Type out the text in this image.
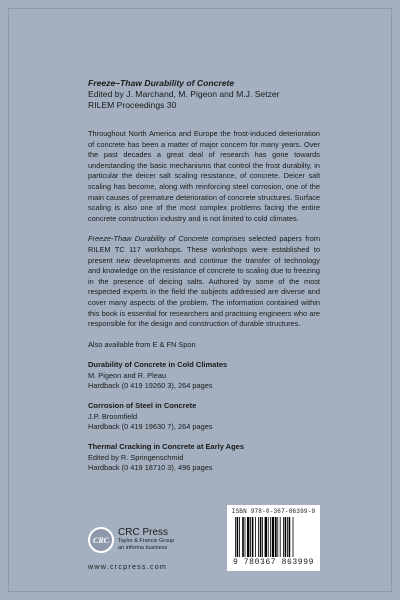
Freeze–Thaw Durability of Concrete

Edited by J. Marchand, M. Pigeon and M.J. Setzer

RILEM Proceedings 30

Throughout North America and Europe the frost-induced deterioration of concrete has been a matter of major concern for many years. Over the past decades a great deal of research has gone towards understanding the basic mechanisms that control the frost durabilty, in particular the deicer salt scaling resistance, of concrete. Deicer salt scaling has become, along with reinforcing steel corrosion, one of the main causes of premature deterioration of concrete structures. Surface scaling is also one of the most complex problems facing the entire concrete construction industry and is not limited to cold climates.

Freeze-Thaw Durability of Concrete comprises selected papers from RILEM TC 117 workshops. These workshops were established to present new developments and continue the transfer of technology and knowledge on the resistance of concrete to scaling due to freezing in the presence of deicing salts. Authored by some of the most respected experts in the field the subjects addressed are diverse and cover many aspects of the problem. The information contained within this book is essential for researchers and practising engineers who are responsible for the design and construction of durable structures.

Also available from E & FN Spon

Durability of Concrete in Cold Climates

M. Pigeon and R. Pleau

Hardback (0 419 19260 3), 264 pages

Corrosion of Steel in Concrete

J.P. Broomfield

Hardback (0 419 19630 7), 264 pages

Thermal Cracking in Concrete at Early Ages

Edited by R. Springenschmid

Hardback (0 419 18710 3), 496 pages

CRC

CRC Press

Taylor & Francis Group

an informa business

www.crcpress.com

ISBN 978-0-367-86399-9

9 780367 863999
